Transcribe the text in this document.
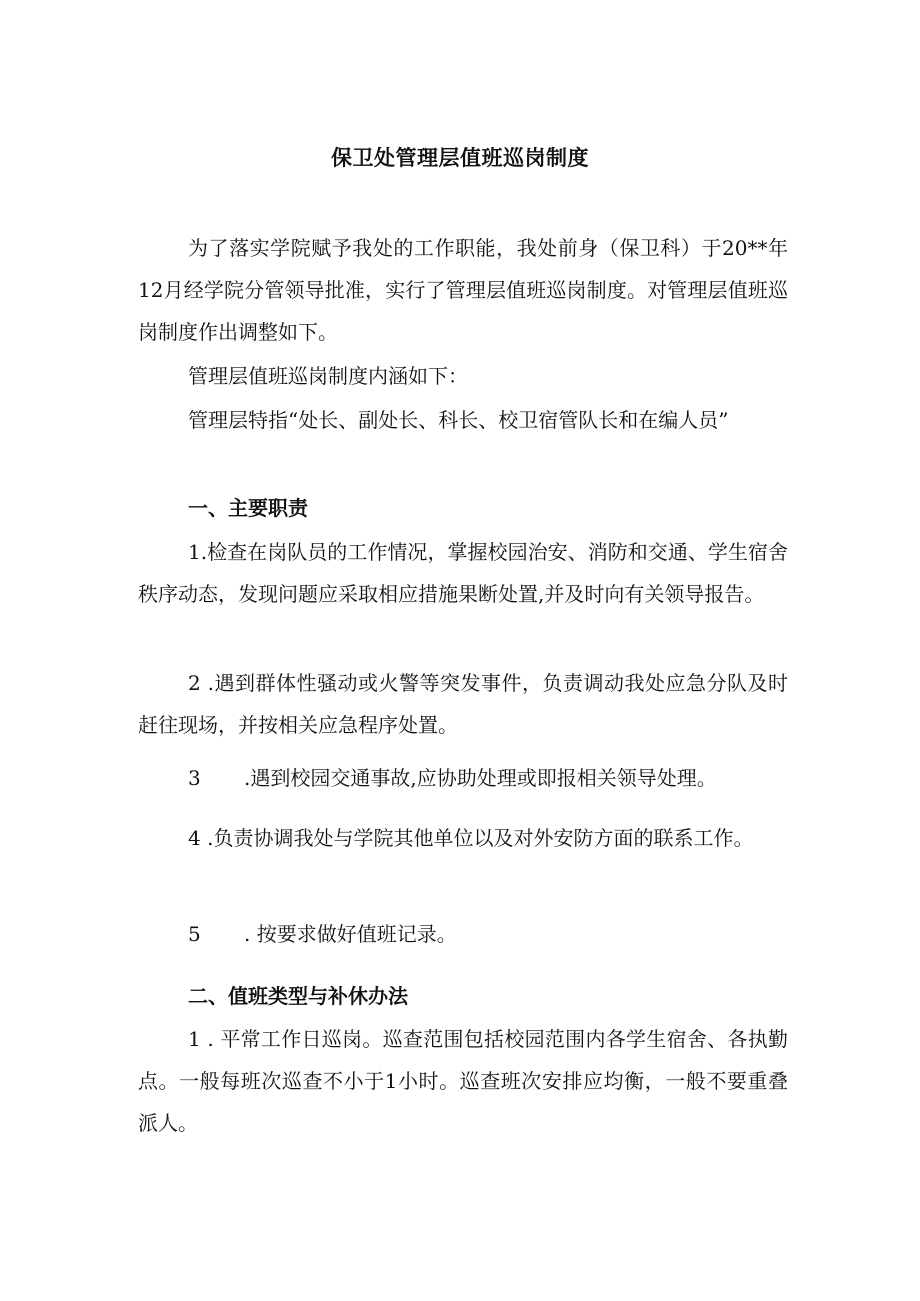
保卫处管理层值班巡岗制度
为了落实学院赋予我处的工作职能，我处前身（保卫科）于20**年12月经学院分管领导批准，实行了管理层值班巡岗制度。对管理层值班巡岗制度作出调整如下。
管理层值班巡岗制度内涵如下：
管理层特指“处长、副处长、科长、校卫宿管队长和在编人员”
一、主要职责
1.检查在岗队员的工作情况，掌握校园治安、消防和交通、学生宿舍秩序动态，发现问题应采取相应措施果断处置,并及时向有关领导报告。
2 .遇到群体性骚动或火警等突发事件，负责调动我处应急分队及时赶往现场，并按相关应急程序处置。
3 .遇到校园交通事故,应协助处理或即报相关领导处理。
4 .负责协调我处与学院其他单位以及对外安防方面的联系工作。
5 . 按要求做好值班记录。
二、值班类型与补休办法
1 . 平常工作日巡岗。巡查范围包括校园范围内各学生宿舍、各执勤点。一般每班次巡查不小于1小时。巡查班次安排应均衡，一般不要重叠派人。
